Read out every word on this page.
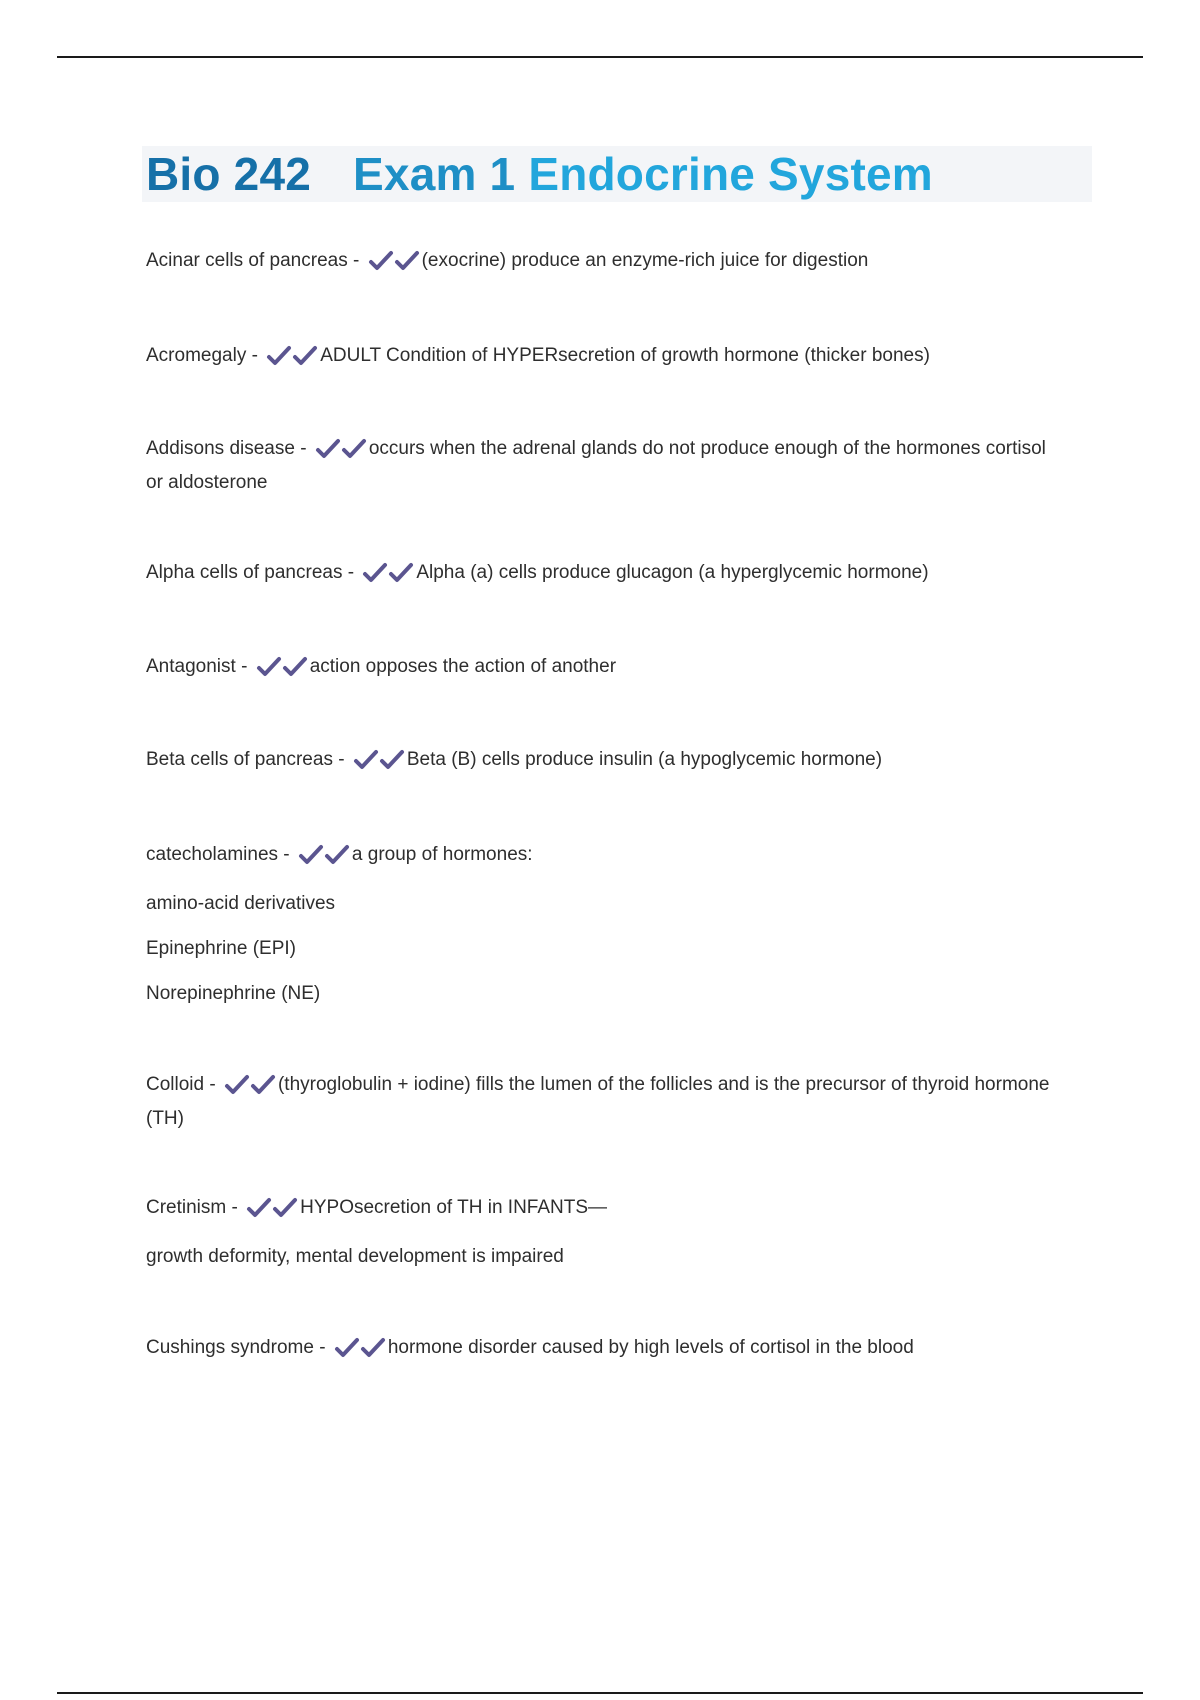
Bio 242 Exam 1 Endocrine System

Acinar cells of pancreas -	(exocrine) produce an enzyme-rich juice for digestion

Acromegaly -	ADULT Condition of HYPERsecretion of growth hormone (thicker bones)

Addisons disease -	occurs when the adrenal glands do not produce enough of the hormones cortisol or aldosterone

Alpha cells of pancreas -	Alpha (a) cells produce glucagon (a hyperglycemic hormone)

Antagonist -	action opposes the action of another

Beta cells of pancreas -	Beta (B) cells produce insulin (a hypoglycemic hormone)

catecholamines -	a group of hormones:

amino-acid derivatives

Epinephrine (EPI)

Norepinephrine (NE)

Colloid -	(thyroglobulin + iodine) fills the lumen of the follicles and is the precursor of thyroid hormone (TH)

Cretinism -	HYPOsecretion of TH in INFANTS—

growth deformity, mental development is impaired

Cushings syndrome -	hormone disorder caused by high levels of cortisol in the blood
